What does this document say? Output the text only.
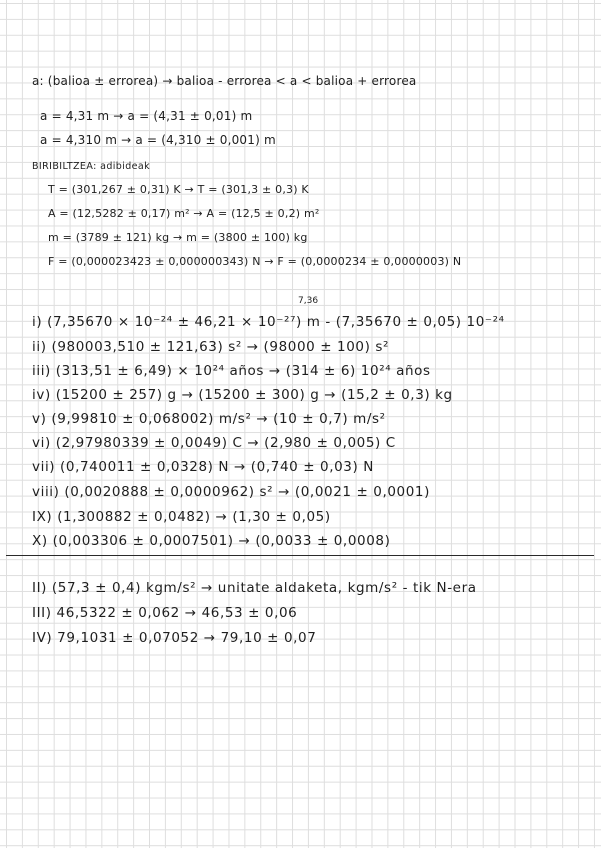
a: (balioa ± errorea) → balioa - errorea < a < balioa + errorea
a = 4,31 m → a = (4,31 ± 0,01) m
a = 4,310 m → a = (4,310 ± 0,001) m
BIRIBILTZEA: adibideak
T = (301,267 ± 0,31) K → T = (301,3 ± 0,3) K
A = (12,5282 ± 0,17) m² → A = (12,5 ± 0,2) m²
m = (3789 ± 121) kg → m = (3800 ± 100) kg
F = (0,000023423 ± 0,000000343) N → F = (0,0000234 ± 0,0000003) N
7,36
i) (7,35670 × 10⁻²⁴ ± 46,21 × 10⁻²⁷) m - (7,35670 ± 0,05) 10⁻²⁴
ii) (980003,510 ± 121,63) s² → (98000 ± 100) s²
iii) (313,51 ± 6,49) × 10²⁴ años → (314 ± 6) 10²⁴ años
iv) (15200 ± 257) g → (15200 ± 300) g → (15,2 ± 0,3) kg
v) (9,99810 ± 0,068002) m/s² → (10 ± 0,7) m/s²
vi) (2,97980339 ± 0,0049) C → (2,980 ± 0,005) C
vii) (0,740011 ± 0,0328) N → (0,740 ± 0,03) N
viii) (0,0020888 ± 0,0000962) s² → (0,0021 ± 0,0001)
IX) (1,300882 ± 0,0482) → (1,30 ± 0,05)
X) (0,003306 ± 0,0007501) → (0,0033 ± 0,0008)
II) (57,3 ± 0,4) kgm/s² → unitate aldaketa, kgm/s² - tik N-era
III) 46,5322 ± 0,062 → 46,53 ± 0,06
IV) 79,1031 ± 0,07052 → 79,10 ± 0,07
